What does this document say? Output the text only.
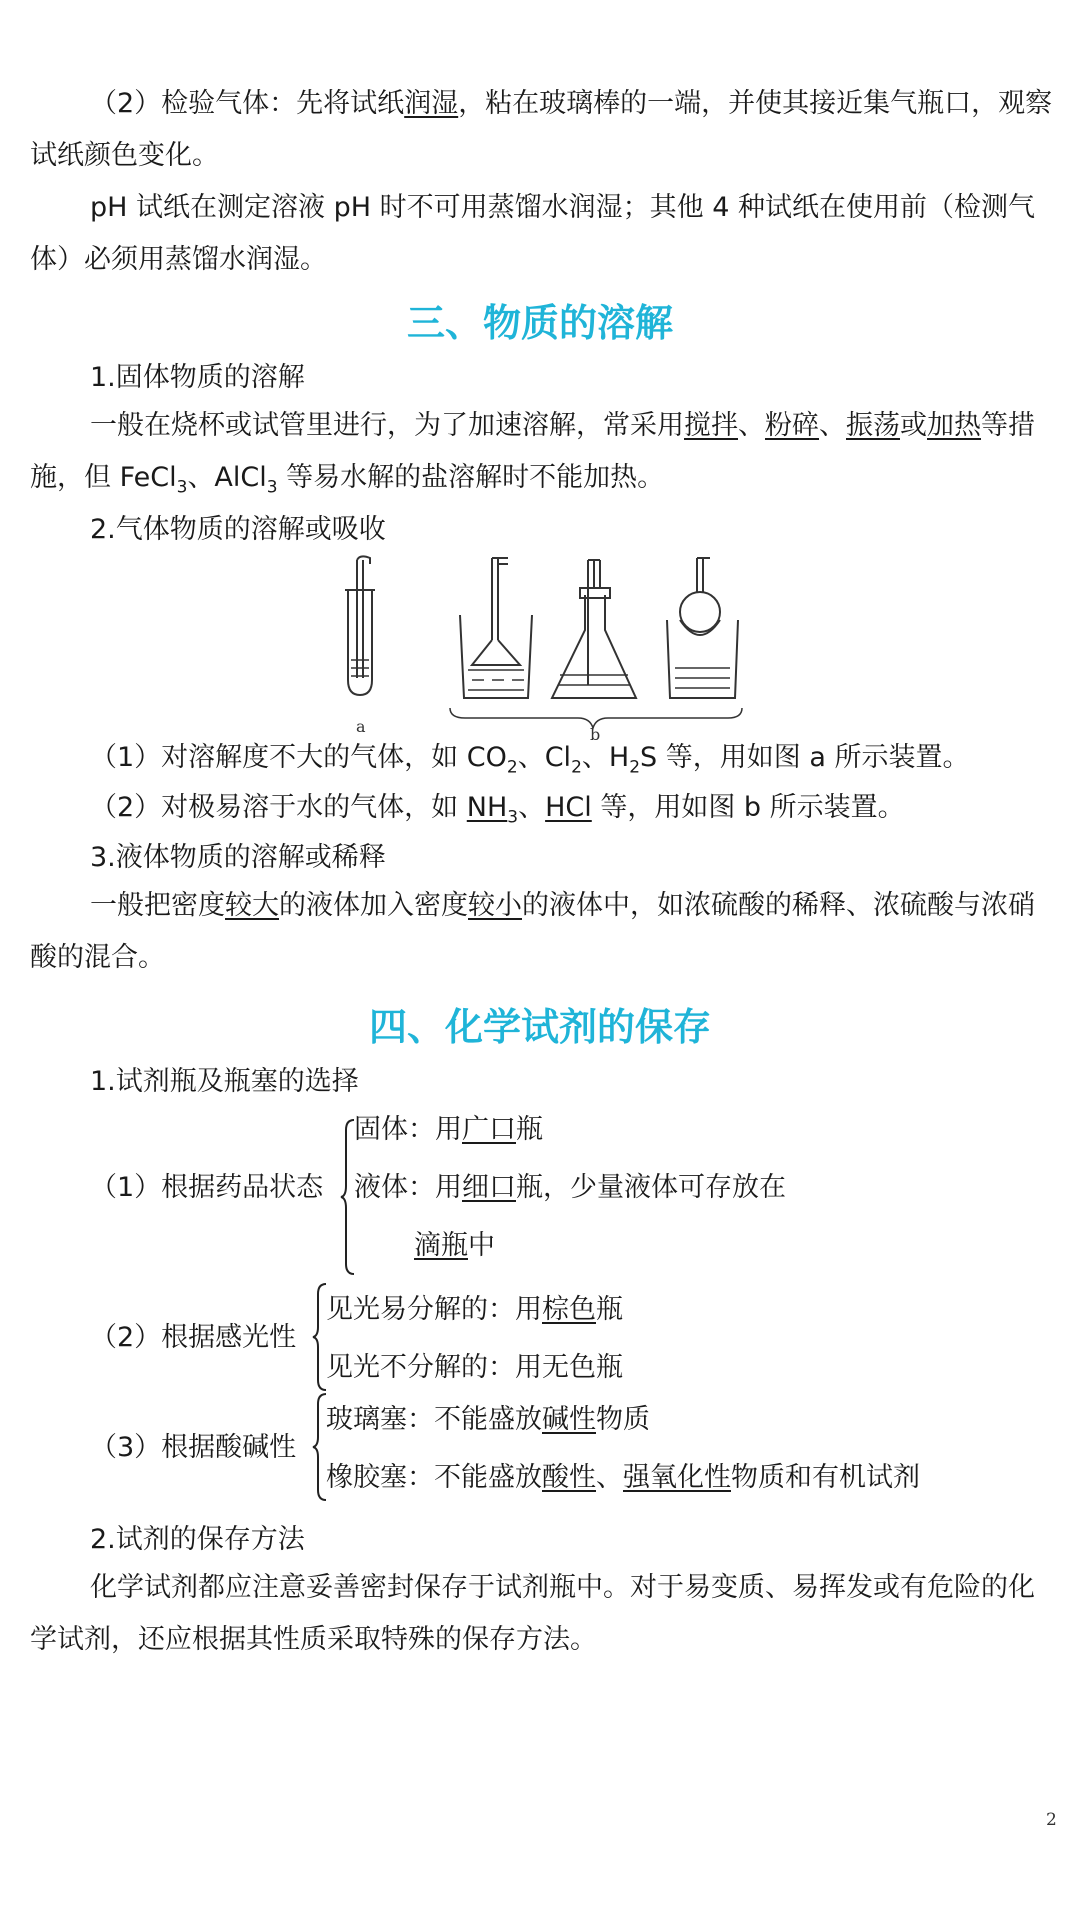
（2）检验气体：先将试纸润湿，粘在玻璃棒的一端，并使其接近集气瓶口，观察试纸颜色变化。

pH 试纸在测定溶液 pH 时不可用蒸馏水润湿；其他 4 种试纸在使用前（检测气体）必须用蒸馏水润湿。

三、物质的溶解

1.固体物质的溶解

一般在烧杯或试管里进行，为了加速溶解，常采用搅拌、粉碎、振荡或加热等措施，但 FeCl$_3$、AlCl$_3$ 等易水解的盐溶解时不能加热。

2.气体物质的溶解或吸收

a	b

（1）对溶解度不大的气体，如 $CO_2$、$Cl_2$、$H_2S$ 等，用如图 a 所示装置。

（2）对极易溶于水的气体，如 $NH_3$、HCl 等，用如图 b 所示装置。

3.液体物质的溶解或稀释

一般把密度较大的液体加入密度较小的液体中，如浓硫酸的稀释、浓硫酸与浓硝酸的混合。

四、化学试剂的保存

1.试剂瓶及瓶塞的选择

（1）根据药品状态

固体：用广口瓶

液体：用细口瓶，少量液体可存放在

滴瓶中

（2）根据感光性

见光易分解的：用棕色瓶

见光不分解的：用无色瓶

（3）根据酸碱性

玻璃塞：不能盛放碱性物质

橡胶塞：不能盛放酸性、强氧化性物质和有机试剂

2.试剂的保存方法

化学试剂都应注意妥善密封保存于试剂瓶中。对于易变质、易挥发或有危险的化学试剂，还应根据其性质采取特殊的保存方法。

2
